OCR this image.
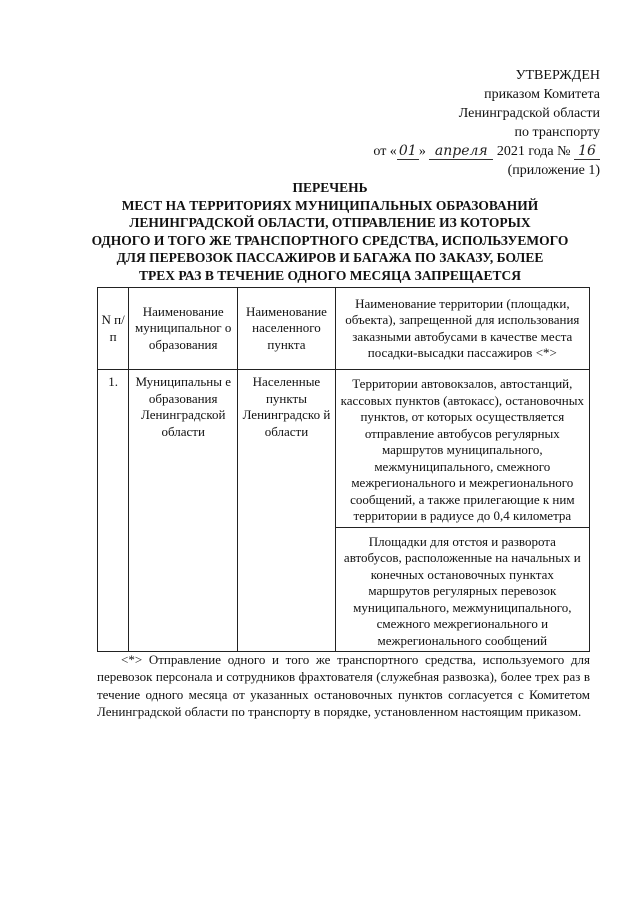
УТВЕРЖДЕН
приказом Комитета
Ленинградской области
по транспорту
от « 01 » апреля 2021 года № 16
(приложение 1)
ПЕРЕЧЕНЬ
МЕСТ НА ТЕРРИТОРИЯХ МУНИЦИПАЛЬНЫХ ОБРАЗОВАНИЙ
ЛЕНИНГРАДСКОЙ ОБЛАСТИ, ОТПРАВЛЕНИЕ ИЗ КОТОРЫХ
ОДНОГО И ТОГО ЖЕ ТРАНСПОРТНОГО СРЕДСТВА, ИСПОЛЬЗУЕМОГО
ДЛЯ ПЕРЕВОЗОК ПАССАЖИРОВ И БАГАЖА ПО ЗАКАЗУ, БОЛЕЕ
ТРЕХ РАЗ В ТЕЧЕНИЕ ОДНОГО МЕСЯЦА ЗАПРЕЩАЕТСЯ
N п/п	Наименование муниципальног о образования	Наименование населенного пункта	Наименование территории (площадки, объекта), запрещенной для использования заказными автобусами в качестве места посадки-высадки пассажиров <*>
1.	Муниципальны е образования Ленинградской области	Населенные пункты Ленинградско й области	Территории автовокзалов, автостанций, кассовых пунктов (автокасс), остановочных пунктов, от которых осуществляется отправление автобусов регулярных маршрутов муниципального, межмуниципального, смежного межрегионального и межрегионального сообщений, а также прилегающие к ним территории в радиусе до 0,4 километра
			Площадки для отстоя и разворота автобусов, расположенные на начальных и конечных остановочных пунктах маршрутов регулярных перевозок муниципального, межмуниципального, смежного межрегионального и межрегионального сообщений
<*> Отправление одного и того же транспортного средства, используемого для перевозок персонала и сотрудников фрахтователя (служебная развозка), более трех раз в течение одного месяца от указанных остановочных пунктов согласуется с Комитетом Ленинградской области по транспорту в порядке, установленном настоящим приказом.
